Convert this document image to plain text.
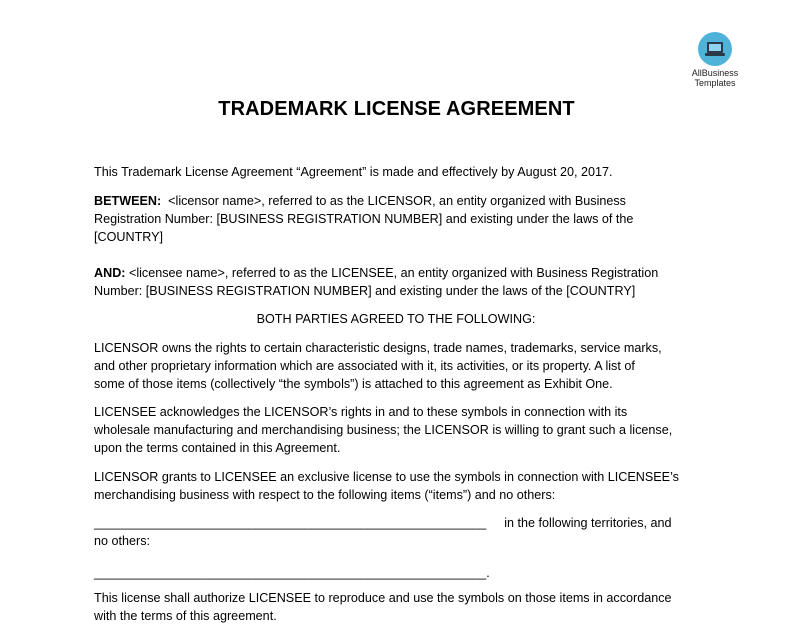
AllBusiness
Templates
TRADEMARK LICENSE AGREEMENT
This Trademark License Agreement “Agreement” is made and effectively by August 20, 2017.
BETWEEN: <licensor name>, referred to as the LICENSOR, an entity organized with Business
Registration Number: [BUSINESS REGISTRATION NUMBER] and existing under the laws of the
[COUNTRY]
AND: <licensee name>, referred to as the LICENSEE, an entity organized with Business Registration
Number: [BUSINESS REGISTRATION NUMBER] and existing under the laws of the [COUNTRY]
BOTH PARTIES AGREED TO THE FOLLOWING:
LICENSOR owns the rights to certain characteristic designs, trade names, trademarks, service marks,
and other proprietary information which are associated with it, its activities, or its property. A list of
some of those items (collectively “the symbols”) is attached to this agreement as Exhibit One.
LICENSEE acknowledges the LICENSOR’s rights in and to these symbols in connection with its
wholesale manufacturing and merchandising business; the LICENSOR is willing to grant such a license,
upon the terms contained in this Agreement.
LICENSOR grants to LICENSEE an exclusive license to use the symbols in connection with LICENSEE’s
merchandising business with respect to the following items (“items”) and no others:
________________________________________________________ in the following territories, and
no others:
________________________________________________________.
This license shall authorize LICENSEE to reproduce and use the symbols on those items in accordance
with the terms of this agreement.
